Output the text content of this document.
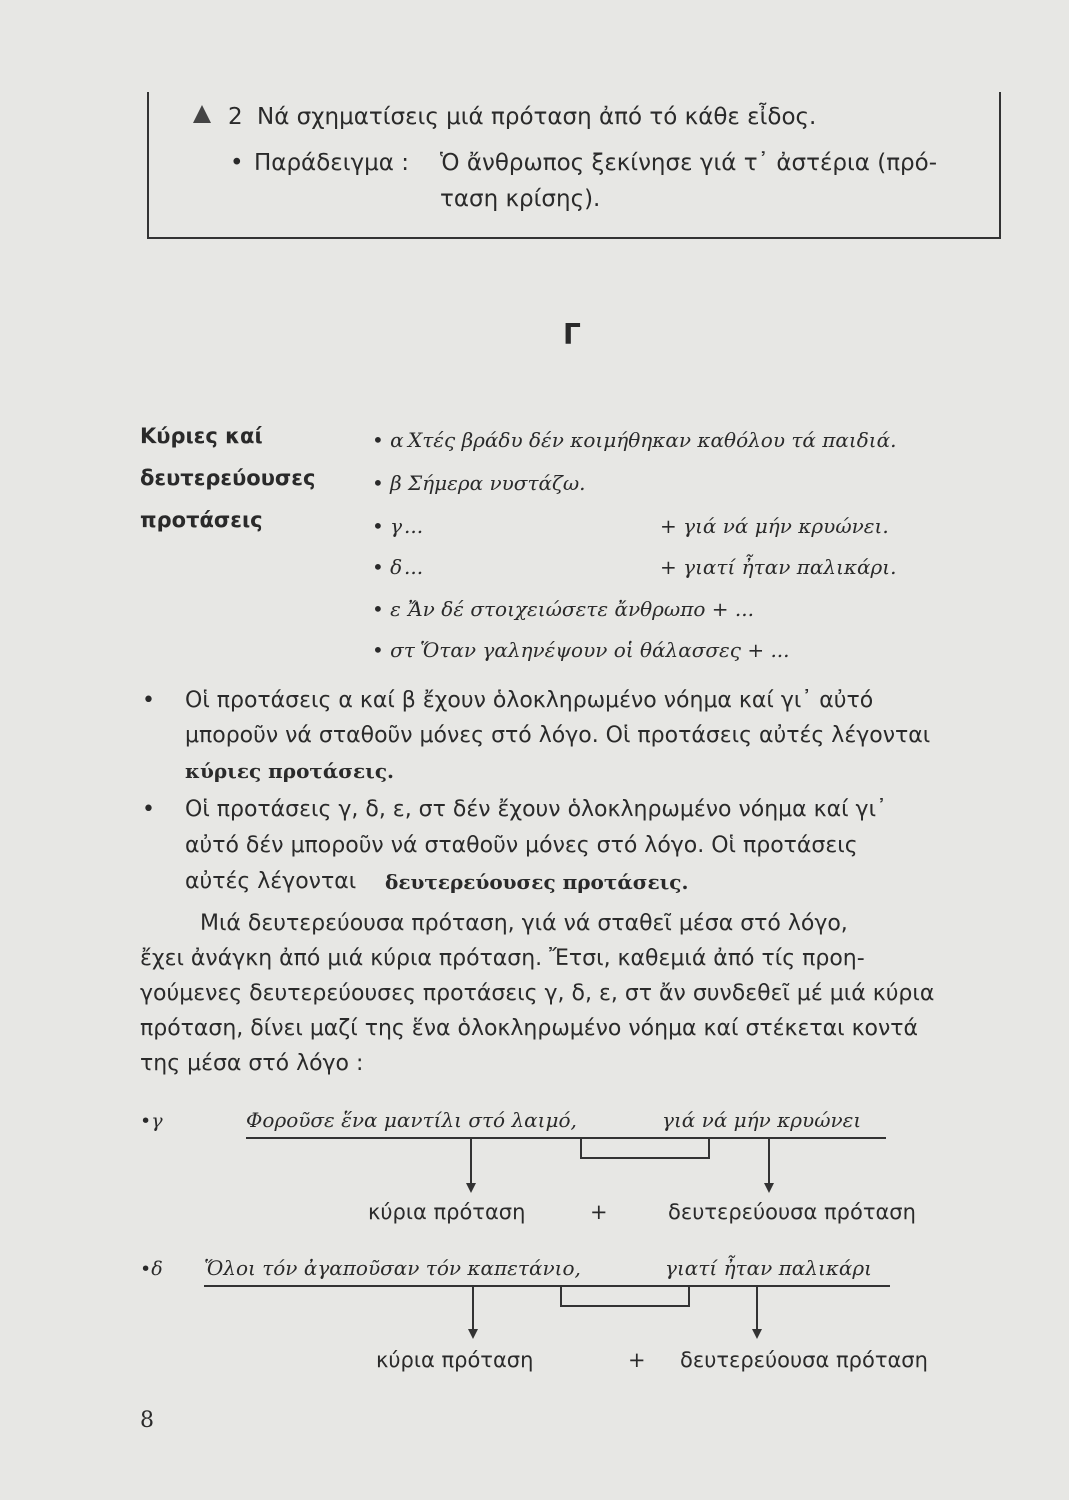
2 Νά σχηματίσεις μιά πρόταση ἀπό τό κάθε εἶδος.
• Παράδειγμα : Ὁ ἄνθρωπος ξεκίνησε γιά τ᾿ ἀστέρια (πρό-
ταση κρίσης).
Γ
Κύριες καί
δευτερεύουσες
προτάσεις
• α Χτές βράδυ δέν κοιμήθηκαν καθόλου τά παιδιά.
• β Σήμερα νυστάζω.
• γ ...	+ γιά νά μήν κρυώνει.
• δ ...	+ γιατί ἦταν παλικάρι.
• ε Ἄν δέ στοιχειώσετε ἄνθρωπο + ...
• στ Ὅταν γαληνέψουν οἱ θάλασσες + ...
• Οἱ προτάσεις α καί β ἔχουν ὁλοκληρωμένο νόημα καί γι᾿ αὐτό
μποροῦν νά σταθοῦν μόνες στό λόγο. Οἱ προτάσεις αὐτές λέγονται
κύριες προτάσεις.
• Οἱ προτάσεις γ, δ, ε, στ δέν ἔχουν ὁλοκληρωμένο νόημα καί γι᾿
αὐτό δέν μποροῦν νά σταθοῦν μόνες στό λόγο. Οἱ προτάσεις
αὐτές λέγονται δευτερεύουσες προτάσεις.
Μιά δευτερεύουσα πρόταση, γιά νά σταθεῖ μέσα στό λόγο,
ἔχει ἀνάγκη ἀπό μιά κύρια πρόταση. Ἔτσι, καθεμιά ἀπό τίς προη-
γούμενες δευτερεύουσες προτάσεις γ, δ, ε, στ ἄν συνδεθεῖ μέ μιά κύρια
πρόταση, δίνει μαζί της ἕνα ὁλοκληρωμένο νόημα καί στέκεται κοντά
της μέσα στό λόγο :
•γ	Φοροῦσε ἕνα μαντίλι στό λαιμό,	γιά νά μήν κρυώνει
κύρια πρόταση	+	δευτερεύουσα πρόταση
•δ Ὅλοι τόν ἀγαποῦσαν τόν καπετάνιο,	γιατί ἦταν παλικάρι
κύρια πρόταση	+ δευτερεύουσα πρόταση
8
